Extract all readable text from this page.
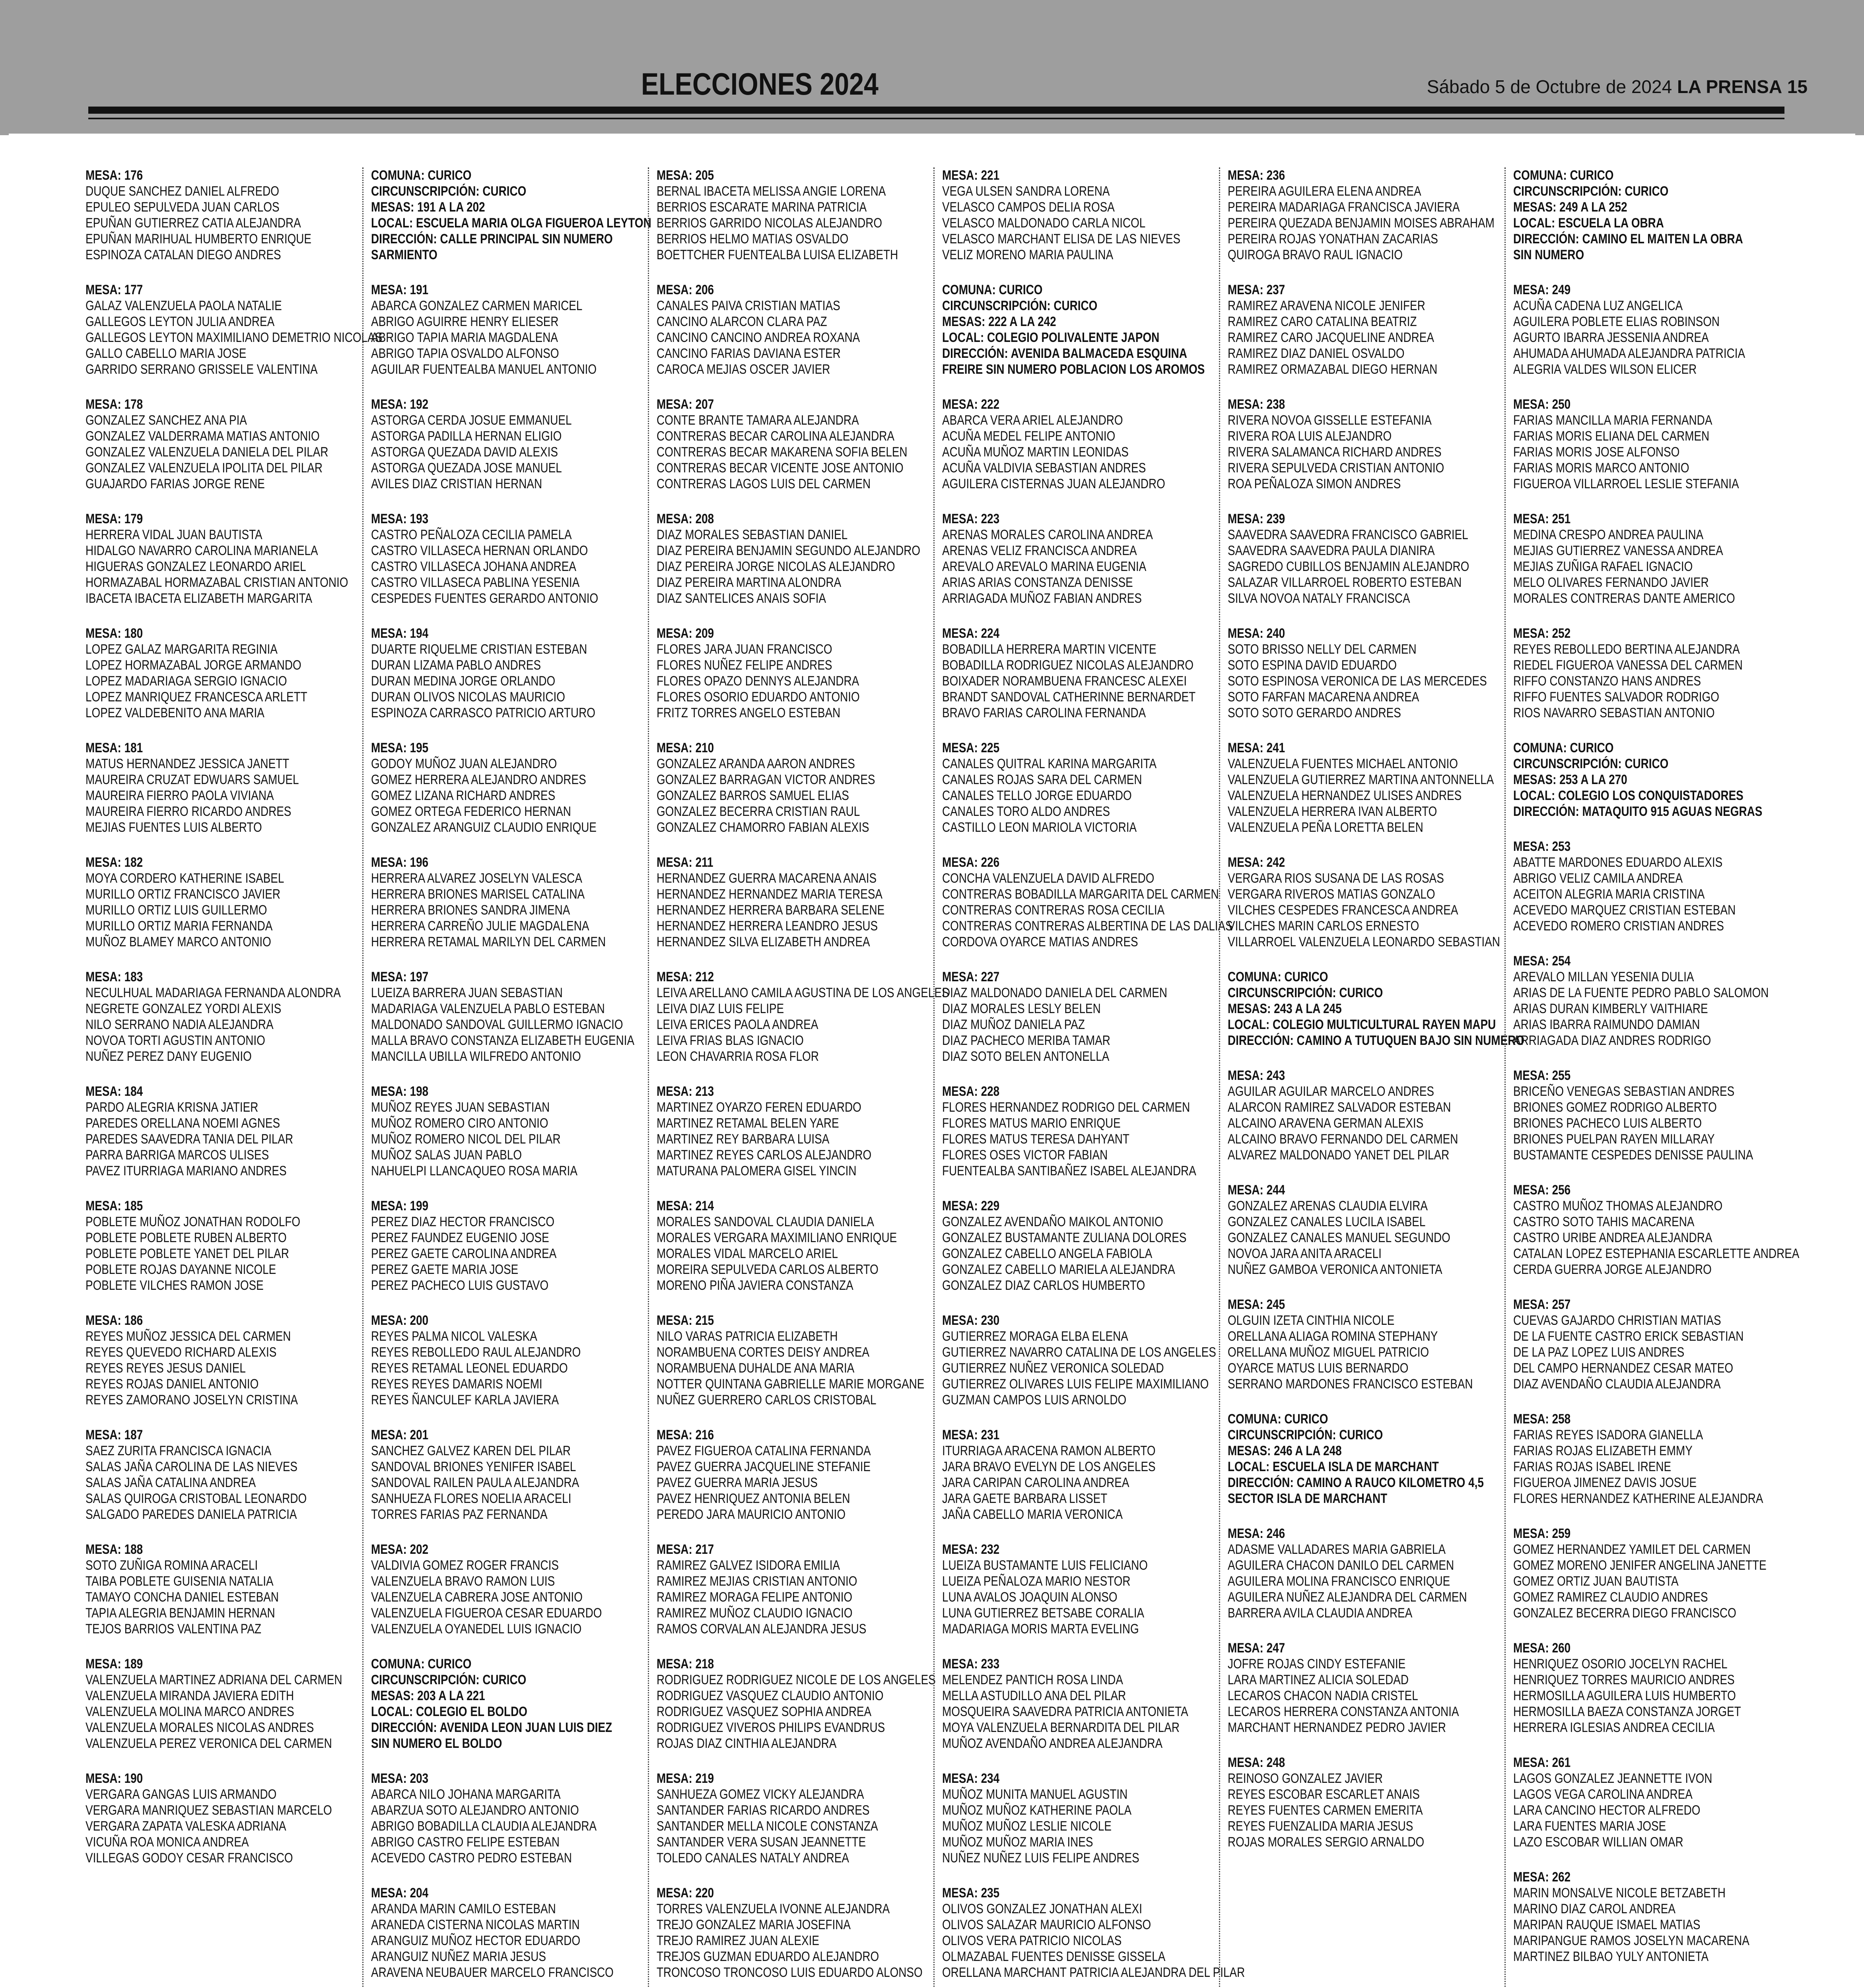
ELECCIONES 2024	Sábado 5 de Octubre de 2024 LA PRENSA 15
MESA: 176
DUQUE SANCHEZ DANIEL ALFREDO
EPULEO SEPULVEDA JUAN CARLOS
EPUÑAN GUTIERREZ CATIA ALEJANDRA
EPUÑAN MARIHUAL HUMBERTO ENRIQUE
ESPINOZA CATALAN DIEGO ANDRES
MESA: 177
GALAZ VALENZUELA PAOLA NATALIE
GALLEGOS LEYTON JULIA ANDREA
GALLEGOS LEYTON MAXIMILIANO DEMETRIO NICOLAS
GALLO CABELLO MARIA JOSE
GARRIDO SERRANO GRISSELE VALENTINA
MESA: 178
GONZALEZ SANCHEZ ANA PIA
GONZALEZ VALDERRAMA MATIAS ANTONIO
GONZALEZ VALENZUELA DANIELA DEL PILAR
GONZALEZ VALENZUELA IPOLITA DEL PILAR
GUAJARDO FARIAS JORGE RENE
MESA: 179
HERRERA VIDAL JUAN BAUTISTA
HIDALGO NAVARRO CAROLINA MARIANELA
HIGUERAS GONZALEZ LEONARDO ARIEL
HORMAZABAL HORMAZABAL CRISTIAN ANTONIO
IBACETA IBACETA ELIZABETH MARGARITA
MESA: 180
LOPEZ GALAZ MARGARITA REGINIA
LOPEZ HORMAZABAL JORGE ARMANDO
LOPEZ MADARIAGA SERGIO IGNACIO
LOPEZ MANRIQUEZ FRANCESCA ARLETT
LOPEZ VALDEBENITO ANA MARIA
MESA: 181
MATUS HERNANDEZ JESSICA JANETT
MAUREIRA CRUZAT EDWUARS SAMUEL
MAUREIRA FIERRO PAOLA VIVIANA
MAUREIRA FIERRO RICARDO ANDRES
MEJIAS FUENTES LUIS ALBERTO
MESA: 182
MOYA CORDERO KATHERINE ISABEL
MURILLO ORTIZ FRANCISCO JAVIER
MURILLO ORTIZ LUIS GUILLERMO
MURILLO ORTIZ MARIA FERNANDA
MUÑOZ BLAMEY MARCO ANTONIO
MESA: 183
NECULHUAL MADARIAGA FERNANDA ALONDRA
NEGRETE GONZALEZ YORDI ALEXIS
NILO SERRANO NADIA ALEJANDRA
NOVOA TORTI AGUSTIN ANTONIO
NUÑEZ PEREZ DANY EUGENIO
MESA: 184
PARDO ALEGRIA KRISNA JATIER
PAREDES ORELLANA NOEMI AGNES
PAREDES SAAVEDRA TANIA DEL PILAR
PARRA BARRIGA MARCOS ULISES
PAVEZ ITURRIAGA MARIANO ANDRES
MESA: 185
POBLETE MUÑOZ JONATHAN RODOLFO
POBLETE POBLETE RUBEN ALBERTO
POBLETE POBLETE YANET DEL PILAR
POBLETE ROJAS DAYANNE NICOLE
POBLETE VILCHES RAMON JOSE
MESA: 186
REYES MUÑOZ JESSICA DEL CARMEN
REYES QUEVEDO RICHARD ALEXIS
REYES REYES JESUS DANIEL
REYES ROJAS DANIEL ANTONIO
REYES ZAMORANO JOSELYN CRISTINA
MESA: 187
SAEZ ZURITA FRANCISCA IGNACIA
SALAS JAÑA CAROLINA DE LAS NIEVES
SALAS JAÑA CATALINA ANDREA
SALAS QUIROGA CRISTOBAL LEONARDO
SALGADO PAREDES DANIELA PATRICIA
MESA: 188
SOTO ZUÑIGA ROMINA ARACELI
TAIBA POBLETE GUISENIA NATALIA
TAMAYO CONCHA DANIEL ESTEBAN
TAPIA ALEGRIA BENJAMIN HERNAN
TEJOS BARRIOS VALENTINA PAZ
MESA: 189
VALENZUELA MARTINEZ ADRIANA DEL CARMEN
VALENZUELA MIRANDA JAVIERA EDITH
VALENZUELA MOLINA MARCO ANDRES
VALENZUELA MORALES NICOLAS ANDRES
VALENZUELA PEREZ VERONICA DEL CARMEN
MESA: 190
VERGARA GANGAS LUIS ARMANDO
VERGARA MANRIQUEZ SEBASTIAN MARCELO
VERGARA ZAPATA VALESKA ADRIANA
VICUÑA ROA MONICA ANDREA
VILLEGAS GODOY CESAR FRANCISCO
COMUNA: CURICO
CIRCUNSCRIPCIÓN: CURICO
MESAS: 191 A LA 202
LOCAL: ESCUELA MARIA OLGA FIGUEROA LEYTON
DIRECCIÓN: CALLE PRINCIPAL SIN NUMERO
SARMIENTO
MESA: 191
ABARCA GONZALEZ CARMEN MARICEL
ABRIGO AGUIRRE HENRY ELIESER
ABRIGO TAPIA MARIA MAGDALENA
ABRIGO TAPIA OSVALDO ALFONSO
AGUILAR FUENTEALBA MANUEL ANTONIO
MESA: 192
ASTORGA CERDA JOSUE EMMANUEL
ASTORGA PADILLA HERNAN ELIGIO
ASTORGA QUEZADA DAVID ALEXIS
ASTORGA QUEZADA JOSE MANUEL
AVILES DIAZ CRISTIAN HERNAN
MESA: 193
CASTRO PEÑALOZA CECILIA PAMELA
CASTRO VILLASECA HERNAN ORLANDO
CASTRO VILLASECA JOHANA ANDREA
CASTRO VILLASECA PABLINA YESENIA
CESPEDES FUENTES GERARDO ANTONIO
MESA: 194
DUARTE RIQUELME CRISTIAN ESTEBAN
DURAN LIZAMA PABLO ANDRES
DURAN MEDINA JORGE ORLANDO
DURAN OLIVOS NICOLAS MAURICIO
ESPINOZA CARRASCO PATRICIO ARTURO
MESA: 195
GODOY MUÑOZ JUAN ALEJANDRO
GOMEZ HERRERA ALEJANDRO ANDRES
GOMEZ LIZANA RICHARD ANDRES
GOMEZ ORTEGA FEDERICO HERNAN
GONZALEZ ARANGUIZ CLAUDIO ENRIQUE
MESA: 196
HERRERA ALVAREZ JOSELYN VALESCA
HERRERA BRIONES MARISEL CATALINA
HERRERA BRIONES SANDRA JIMENA
HERRERA CARREÑO JULIE MAGDALENA
HERRERA RETAMAL MARILYN DEL CARMEN
MESA: 197
LUEIZA BARRERA JUAN SEBASTIAN
MADARIAGA VALENZUELA PABLO ESTEBAN
MALDONADO SANDOVAL GUILLERMO IGNACIO
MALLA BRAVO CONSTANZA ELIZABETH EUGENIA
MANCILLA UBILLA WILFREDO ANTONIO
MESA: 198
MUÑOZ REYES JUAN SEBASTIAN
MUÑOZ ROMERO CIRO ANTONIO
MUÑOZ ROMERO NICOL DEL PILAR
MUÑOZ SALAS JUAN PABLO
NAHUELPI LLANCAQUEO ROSA MARIA
MESA: 199
PEREZ DIAZ HECTOR FRANCISCO
PEREZ FAUNDEZ EUGENIO JOSE
PEREZ GAETE CAROLINA ANDREA
PEREZ GAETE MARIA JOSE
PEREZ PACHECO LUIS GUSTAVO
MESA: 200
REYES PALMA NICOL VALESKA
REYES REBOLLEDO RAUL ALEJANDRO
REYES RETAMAL LEONEL EDUARDO
REYES REYES DAMARIS NOEMI
REYES ÑANCULEF KARLA JAVIERA
MESA: 201
SANCHEZ GALVEZ KAREN DEL PILAR
SANDOVAL BRIONES YENIFER ISABEL
SANDOVAL RAILEN PAULA ALEJANDRA
SANHUEZA FLORES NOELIA ARACELI
TORRES FARIAS PAZ FERNANDA
MESA: 202
VALDIVIA GOMEZ ROGER FRANCIS
VALENZUELA BRAVO RAMON LUIS
VALENZUELA CABRERA JOSE ANTONIO
VALENZUELA FIGUEROA CESAR EDUARDO
VALENZUELA OYANEDEL LUIS IGNACIO
COMUNA: CURICO
CIRCUNSCRIPCIÓN: CURICO
MESAS: 203 A LA 221
LOCAL: COLEGIO EL BOLDO
DIRECCIÓN: AVENIDA LEON JUAN LUIS DIEZ
SIN NUMERO EL BOLDO
MESA: 203
ABARCA NILO JOHANA MARGARITA
ABARZUA SOTO ALEJANDRO ANTONIO
ABRIGO BOBADILLA CLAUDIA ALEJANDRA
ABRIGO CASTRO FELIPE ESTEBAN
ACEVEDO CASTRO PEDRO ESTEBAN
MESA: 204
ARANDA MARIN CAMILO ESTEBAN
ARANEDA CISTERNA NICOLAS MARTIN
ARANGUIZ MUÑOZ HECTOR EDUARDO
ARANGUIZ NUÑEZ MARIA JESUS
ARAVENA NEUBAUER MARCELO FRANCISCO
MESA: 205
BERNAL IBACETA MELISSA ANGIE LORENA
BERRIOS ESCARATE MARINA PATRICIA
BERRIOS GARRIDO NICOLAS ALEJANDRO
BERRIOS HELMO MATIAS OSVALDO
BOETTCHER FUENTEALBA LUISA ELIZABETH
MESA: 206
CANALES PAIVA CRISTIAN MATIAS
CANCINO ALARCON CLARA PAZ
CANCINO CANCINO ANDREA ROXANA
CANCINO FARIAS DAVIANA ESTER
CAROCA MEJIAS OSCER JAVIER
MESA: 207
CONTE BRANTE TAMARA ALEJANDRA
CONTRERAS BECAR CAROLINA ALEJANDRA
CONTRERAS BECAR MAKARENA SOFIA BELEN
CONTRERAS BECAR VICENTE JOSE ANTONIO
CONTRERAS LAGOS LUIS DEL CARMEN
MESA: 208
DIAZ MORALES SEBASTIAN DANIEL
DIAZ PEREIRA BENJAMIN SEGUNDO ALEJANDRO
DIAZ PEREIRA JORGE NICOLAS ALEJANDRO
DIAZ PEREIRA MARTINA ALONDRA
DIAZ SANTELICES ANAIS SOFIA
MESA: 209
FLORES JARA JUAN FRANCISCO
FLORES NUÑEZ FELIPE ANDRES
FLORES OPAZO DENNYS ALEJANDRA
FLORES OSORIO EDUARDO ANTONIO
FRITZ TORRES ANGELO ESTEBAN
MESA: 210
GONZALEZ ARANDA AARON ANDRES
GONZALEZ BARRAGAN VICTOR ANDRES
GONZALEZ BARROS SAMUEL ELIAS
GONZALEZ BECERRA CRISTIAN RAUL
GONZALEZ CHAMORRO FABIAN ALEXIS
MESA: 211
HERNANDEZ GUERRA MACARENA ANAIS
HERNANDEZ HERNANDEZ MARIA TERESA
HERNANDEZ HERRERA BARBARA SELENE
HERNANDEZ HERRERA LEANDRO JESUS
HERNANDEZ SILVA ELIZABETH ANDREA
MESA: 212
LEIVA ARELLANO CAMILA AGUSTINA DE LOS ANGELES
LEIVA DIAZ LUIS FELIPE
LEIVA ERICES PAOLA ANDREA
LEIVA FRIAS BLAS IGNACIO
LEON CHAVARRIA ROSA FLOR
MESA: 213
MARTINEZ OYARZO FEREN EDUARDO
MARTINEZ RETAMAL BELEN YARE
MARTINEZ REY BARBARA LUISA
MARTINEZ REYES CARLOS ALEJANDRO
MATURANA PALOMERA GISEL YINCIN
MESA: 214
MORALES SANDOVAL CLAUDIA DANIELA
MORALES VERGARA MAXIMILIANO ENRIQUE
MORALES VIDAL MARCELO ARIEL
MOREIRA SEPULVEDA CARLOS ALBERTO
MORENO PIÑA JAVIERA CONSTANZA
MESA: 215
NILO VARAS PATRICIA ELIZABETH
NORAMBUENA CORTES DEISY ANDREA
NORAMBUENA DUHALDE ANA MARIA
NOTTER QUINTANA GABRIELLE MARIE MORGANE
NUÑEZ GUERRERO CARLOS CRISTOBAL
MESA: 216
PAVEZ FIGUEROA CATALINA FERNANDA
PAVEZ GUERRA JACQUELINE STEFANIE
PAVEZ GUERRA MARIA JESUS
PAVEZ HENRIQUEZ ANTONIA BELEN
PEREDO JARA MAURICIO ANTONIO
MESA: 217
RAMIREZ GALVEZ ISIDORA EMILIA
RAMIREZ MEJIAS CRISTIAN ANTONIO
RAMIREZ MORAGA FELIPE ANTONIO
RAMIREZ MUÑOZ CLAUDIO IGNACIO
RAMOS CORVALAN ALEJANDRA JESUS
MESA: 218
RODRIGUEZ RODRIGUEZ NICOLE DE LOS ANGELES
RODRIGUEZ VASQUEZ CLAUDIO ANTONIO
RODRIGUEZ VASQUEZ SOPHIA ANDREA
RODRIGUEZ VIVEROS PHILIPS EVANDRUS
ROJAS DIAZ CINTHIA ALEJANDRA
MESA: 219
SANHUEZA GOMEZ VICKY ALEJANDRA
SANTANDER FARIAS RICARDO ANDRES
SANTANDER MELLA NICOLE CONSTANZA
SANTANDER VERA SUSAN JEANNETTE
TOLEDO CANALES NATALY ANDREA
MESA: 220
TORRES VALENZUELA IVONNE ALEJANDRA
TREJO GONZALEZ MARIA JOSEFINA
TREJO RAMIREZ JUAN ALEXIE
TREJOS GUZMAN EDUARDO ALEJANDRO
TRONCOSO TRONCOSO LUIS EDUARDO ALONSO
MESA: 221
VEGA ULSEN SANDRA LORENA
VELASCO CAMPOS DELIA ROSA
VELASCO MALDONADO CARLA NICOL
VELASCO MARCHANT ELISA DE LAS NIEVES
VELIZ MORENO MARIA PAULINA
COMUNA: CURICO
CIRCUNSCRIPCIÓN: CURICO
MESAS: 222 A LA 242
LOCAL: COLEGIO POLIVALENTE JAPON
DIRECCIÓN: AVENIDA BALMACEDA ESQUINA
FREIRE SIN NUMERO POBLACION LOS AROMOS
MESA: 222
ABARCA VERA ARIEL ALEJANDRO
ACUÑA MEDEL FELIPE ANTONIO
ACUÑA MUÑOZ MARTIN LEONIDAS
ACUÑA VALDIVIA SEBASTIAN ANDRES
AGUILERA CISTERNAS JUAN ALEJANDRO
MESA: 223
ARENAS MORALES CAROLINA ANDREA
ARENAS VELIZ FRANCISCA ANDREA
AREVALO AREVALO MARINA EUGENIA
ARIAS ARIAS CONSTANZA DENISSE
ARRIAGADA MUÑOZ FABIAN ANDRES
MESA: 224
BOBADILLA HERRERA MARTIN VICENTE
BOBADILLA RODRIGUEZ NICOLAS ALEJANDRO
BOIXADER NORAMBUENA FRANCESC ALEXEI
BRANDT SANDOVAL CATHERINNE BERNARDET
BRAVO FARIAS CAROLINA FERNANDA
MESA: 225
CANALES QUITRAL KARINA MARGARITA
CANALES ROJAS SARA DEL CARMEN
CANALES TELLO JORGE EDUARDO
CANALES TORO ALDO ANDRES
CASTILLO LEON MARIOLA VICTORIA
MESA: 226
CONCHA VALENZUELA DAVID ALFREDO
CONTRERAS BOBADILLA MARGARITA DEL CARMEN
CONTRERAS CONTRERAS ROSA CECILIA
CONTRERAS CONTRERAS ALBERTINA DE LAS DALIAS
CORDOVA OYARCE MATIAS ANDRES
MESA: 227
DIAZ MALDONADO DANIELA DEL CARMEN
DIAZ MORALES LESLY BELEN
DIAZ MUÑOZ DANIELA PAZ
DIAZ PACHECO MERIBA TAMAR
DIAZ SOTO BELEN ANTONELLA
MESA: 228
FLORES HERNANDEZ RODRIGO DEL CARMEN
FLORES MATUS MARIO ENRIQUE
FLORES MATUS TERESA DAHYANT
FLORES OSES VICTOR FABIAN
FUENTEALBA SANTIBAÑEZ ISABEL ALEJANDRA
MESA: 229
GONZALEZ AVENDAÑO MAIKOL ANTONIO
GONZALEZ BUSTAMANTE ZULIANA DOLORES
GONZALEZ CABELLO ANGELA FABIOLA
GONZALEZ CABELLO MARIELA ALEJANDRA
GONZALEZ DIAZ CARLOS HUMBERTO
MESA: 230
GUTIERREZ MORAGA ELBA ELENA
GUTIERREZ NAVARRO CATALINA DE LOS ANGELES
GUTIERREZ NUÑEZ VERONICA SOLEDAD
GUTIERREZ OLIVARES LUIS FELIPE MAXIMILIANO
GUZMAN CAMPOS LUIS ARNOLDO
MESA: 231
ITURRIAGA ARACENA RAMON ALBERTO
JARA BRAVO EVELYN DE LOS ANGELES
JARA CARIPAN CAROLINA ANDREA
JARA GAETE BARBARA LISSET
JAÑA CABELLO MARIA VERONICA
MESA: 232
LUEIZA BUSTAMANTE LUIS FELICIANO
LUEIZA PEÑALOZA MARIO NESTOR
LUNA AVALOS JOAQUIN ALONSO
LUNA GUTIERREZ BETSABE CORALIA
MADARIAGA MORIS MARTA EVELING
MESA: 233
MELENDEZ PANTICH ROSA LINDA
MELLA ASTUDILLO ANA DEL PILAR
MOSQUEIRA SAAVEDRA PATRICIA ANTONIETA
MOYA VALENZUELA BERNARDITA DEL PILAR
MUÑOZ AVENDAÑO ANDREA ALEJANDRA
MESA: 234
MUÑOZ MUNITA MANUEL AGUSTIN
MUÑOZ MUÑOZ KATHERINE PAOLA
MUÑOZ MUÑOZ LESLIE NICOLE
MUÑOZ MUÑOZ MARIA INES
NUÑEZ NUÑEZ LUIS FELIPE ANDRES
MESA: 235
OLIVOS GONZALEZ JONATHAN ALEXI
OLIVOS SALAZAR MAURICIO ALFONSO
OLIVOS VERA PATRICIO NICOLAS
OLMAZABAL FUENTES DENISSE GISSELA
ORELLANA MARCHANT PATRICIA ALEJANDRA DEL PILAR
MESA: 236
PEREIRA AGUILERA ELENA ANDREA
PEREIRA MADARIAGA FRANCISCA JAVIERA
PEREIRA QUEZADA BENJAMIN MOISES ABRAHAM
PEREIRA ROJAS YONATHAN ZACARIAS
QUIROGA BRAVO RAUL IGNACIO
MESA: 237
RAMIREZ ARAVENA NICOLE JENIFER
RAMIREZ CARO CATALINA BEATRIZ
RAMIREZ CARO JACQUELINE ANDREA
RAMIREZ DIAZ DANIEL OSVALDO
RAMIREZ ORMAZABAL DIEGO HERNAN
MESA: 238
RIVERA NOVOA GISSELLE ESTEFANIA
RIVERA ROA LUIS ALEJANDRO
RIVERA SALAMANCA RICHARD ANDRES
RIVERA SEPULVEDA CRISTIAN ANTONIO
ROA PEÑALOZA SIMON ANDRES
MESA: 239
SAAVEDRA SAAVEDRA FRANCISCO GABRIEL
SAAVEDRA SAAVEDRA PAULA DIANIRA
SAGREDO CUBILLOS BENJAMIN ALEJANDRO
SALAZAR VILLARROEL ROBERTO ESTEBAN
SILVA NOVOA NATALY FRANCISCA
MESA: 240
SOTO BRISSO NELLY DEL CARMEN
SOTO ESPINA DAVID EDUARDO
SOTO ESPINOSA VERONICA DE LAS MERCEDES
SOTO FARFAN MACARENA ANDREA
SOTO SOTO GERARDO ANDRES
MESA: 241
VALENZUELA FUENTES MICHAEL ANTONIO
VALENZUELA GUTIERREZ MARTINA ANTONNELLA
VALENZUELA HERNANDEZ ULISES ANDRES
VALENZUELA HERRERA IVAN ALBERTO
VALENZUELA PEÑA LORETTA BELEN
MESA: 242
VERGARA RIOS SUSANA DE LAS ROSAS
VERGARA RIVEROS MATIAS GONZALO
VILCHES CESPEDES FRANCESCA ANDREA
VILCHES MARIN CARLOS ERNESTO
VILLARROEL VALENZUELA LEONARDO SEBASTIAN
COMUNA: CURICO
CIRCUNSCRIPCIÓN: CURICO
MESAS: 243 A LA 245
LOCAL: COLEGIO MULTICULTURAL RAYEN MAPU
DIRECCIÓN: CAMINO A TUTUQUEN BAJO SIN NUMERO
MESA: 243
AGUILAR AGUILAR MARCELO ANDRES
ALARCON RAMIREZ SALVADOR ESTEBAN
ALCAINO ARAVENA GERMAN ALEXIS
ALCAINO BRAVO FERNANDO DEL CARMEN
ALVAREZ MALDONADO YANET DEL PILAR
MESA: 244
GONZALEZ ARENAS CLAUDIA ELVIRA
GONZALEZ CANALES LUCILA ISABEL
GONZALEZ CANALES MANUEL SEGUNDO
NOVOA JARA ANITA ARACELI
NUÑEZ GAMBOA VERONICA ANTONIETA
MESA: 245
OLGUIN IZETA CINTHIA NICOLE
ORELLANA ALIAGA ROMINA STEPHANY
ORELLANA MUÑOZ MIGUEL PATRICIO
OYARCE MATUS LUIS BERNARDO
SERRANO MARDONES FRANCISCO ESTEBAN
COMUNA: CURICO
CIRCUNSCRIPCIÓN: CURICO
MESAS: 246 A LA 248
LOCAL: ESCUELA ISLA DE MARCHANT
DIRECCIÓN: CAMINO A RAUCO KILOMETRO 4,5
SECTOR ISLA DE MARCHANT
MESA: 246
ADASME VALLADARES MARIA GABRIELA
AGUILERA CHACON DANILO DEL CARMEN
AGUILERA MOLINA FRANCISCO ENRIQUE
AGUILERA NUÑEZ ALEJANDRA DEL CARMEN
BARRERA AVILA CLAUDIA ANDREA
MESA: 247
JOFRE ROJAS CINDY ESTEFANIE
LARA MARTINEZ ALICIA SOLEDAD
LECAROS CHACON NADIA CRISTEL
LECAROS HERRERA CONSTANZA ANTONIA
MARCHANT HERNANDEZ PEDRO JAVIER
MESA: 248
REINOSO GONZALEZ JAVIER
REYES ESCOBAR ESCARLET ANAIS
REYES FUENTES CARMEN EMERITA
REYES FUENZALIDA MARIA JESUS
ROJAS MORALES SERGIO ARNALDO
COMUNA: CURICO
CIRCUNSCRIPCIÓN: CURICO
MESAS: 249 A LA 252
LOCAL: ESCUELA LA OBRA
DIRECCIÓN: CAMINO EL MAITEN LA OBRA
SIN NUMERO
MESA: 249
ACUÑA CADENA LUZ ANGELICA
AGUILERA POBLETE ELIAS ROBINSON
AGURTO IBARRA JESSENIA ANDREA
AHUMADA AHUMADA ALEJANDRA PATRICIA
ALEGRIA VALDES WILSON ELICER
MESA: 250
FARIAS MANCILLA MARIA FERNANDA
FARIAS MORIS ELIANA DEL CARMEN
FARIAS MORIS JOSE ALFONSO
FARIAS MORIS MARCO ANTONIO
FIGUEROA VILLARROEL LESLIE STEFANIA
MESA: 251
MEDINA CRESPO ANDREA PAULINA
MEJIAS GUTIERREZ VANESSA ANDREA
MEJIAS ZUÑIGA RAFAEL IGNACIO
MELO OLIVARES FERNANDO JAVIER
MORALES CONTRERAS DANTE AMERICO
MESA: 252
REYES REBOLLEDO BERTINA ALEJANDRA
RIEDEL FIGUEROA VANESSA DEL CARMEN
RIFFO CONSTANZO HANS ANDRES
RIFFO FUENTES SALVADOR RODRIGO
RIOS NAVARRO SEBASTIAN ANTONIO
COMUNA: CURICO
CIRCUNSCRIPCIÓN: CURICO
MESAS: 253 A LA 270
LOCAL: COLEGIO LOS CONQUISTADORES
DIRECCIÓN: MATAQUITO 915 AGUAS NEGRAS
MESA: 253
ABATTE MARDONES EDUARDO ALEXIS
ABRIGO VELIZ CAMILA ANDREA
ACEITON ALEGRIA MARIA CRISTINA
ACEVEDO MARQUEZ CRISTIAN ESTEBAN
ACEVEDO ROMERO CRISTIAN ANDRES
MESA: 254
AREVALO MILLAN YESENIA DULIA
ARIAS DE LA FUENTE PEDRO PABLO SALOMON
ARIAS DURAN KIMBERLY VAITHIARE
ARIAS IBARRA RAIMUNDO DAMIAN
ARRIAGADA DIAZ ANDRES RODRIGO
MESA: 255
BRICEÑO VENEGAS SEBASTIAN ANDRES
BRIONES GOMEZ RODRIGO ALBERTO
BRIONES PACHECO LUIS ALBERTO
BRIONES PUELPAN RAYEN MILLARAY
BUSTAMANTE CESPEDES DENISSE PAULINA
MESA: 256
CASTRO MUÑOZ THOMAS ALEJANDRO
CASTRO SOTO TAHIS MACARENA
CASTRO URIBE ANDREA ALEJANDRA
CATALAN LOPEZ ESTEPHANIA ESCARLETTE ANDREA
CERDA GUERRA JORGE ALEJANDRO
MESA: 257
CUEVAS GAJARDO CHRISTIAN MATIAS
DE LA FUENTE CASTRO ERICK SEBASTIAN
DE LA PAZ LOPEZ LUIS ANDRES
DEL CAMPO HERNANDEZ CESAR MATEO
DIAZ AVENDAÑO CLAUDIA ALEJANDRA
MESA: 258
FARIAS REYES ISADORA GIANELLA
FARIAS ROJAS ELIZABETH EMMY
FARIAS ROJAS ISABEL IRENE
FIGUEROA JIMENEZ DAVIS JOSUE
FLORES HERNANDEZ KATHERINE ALEJANDRA
MESA: 259
GOMEZ HERNANDEZ YAMILET DEL CARMEN
GOMEZ MORENO JENIFER ANGELINA JANETTE
GOMEZ ORTIZ JUAN BAUTISTA
GOMEZ RAMIREZ CLAUDIO ANDRES
GONZALEZ BECERRA DIEGO FRANCISCO
MESA: 260
HENRIQUEZ OSORIO JOCELYN RACHEL
HENRIQUEZ TORRES MAURICIO ANDRES
HERMOSILLA AGUILERA LUIS HUMBERTO
HERMOSILLA BAEZA CONSTANZA JORGET
HERRERA IGLESIAS ANDREA CECILIA
MESA: 261
LAGOS GONZALEZ JEANNETTE IVON
LAGOS VEGA CAROLINA ANDREA
LARA CANCINO HECTOR ALFREDO
LARA FUENTES MARIA JOSE
LAZO ESCOBAR WILLIAN OMAR
MESA: 262
MARIN MONSALVE NICOLE BETZABETH
MARINO DIAZ CAROL ANDREA
MARIPAN RAUQUE ISMAEL MATIAS
MARIPANGUE RAMOS JOSELYN MACARENA
MARTINEZ BILBAO YULY ANTONIETA
